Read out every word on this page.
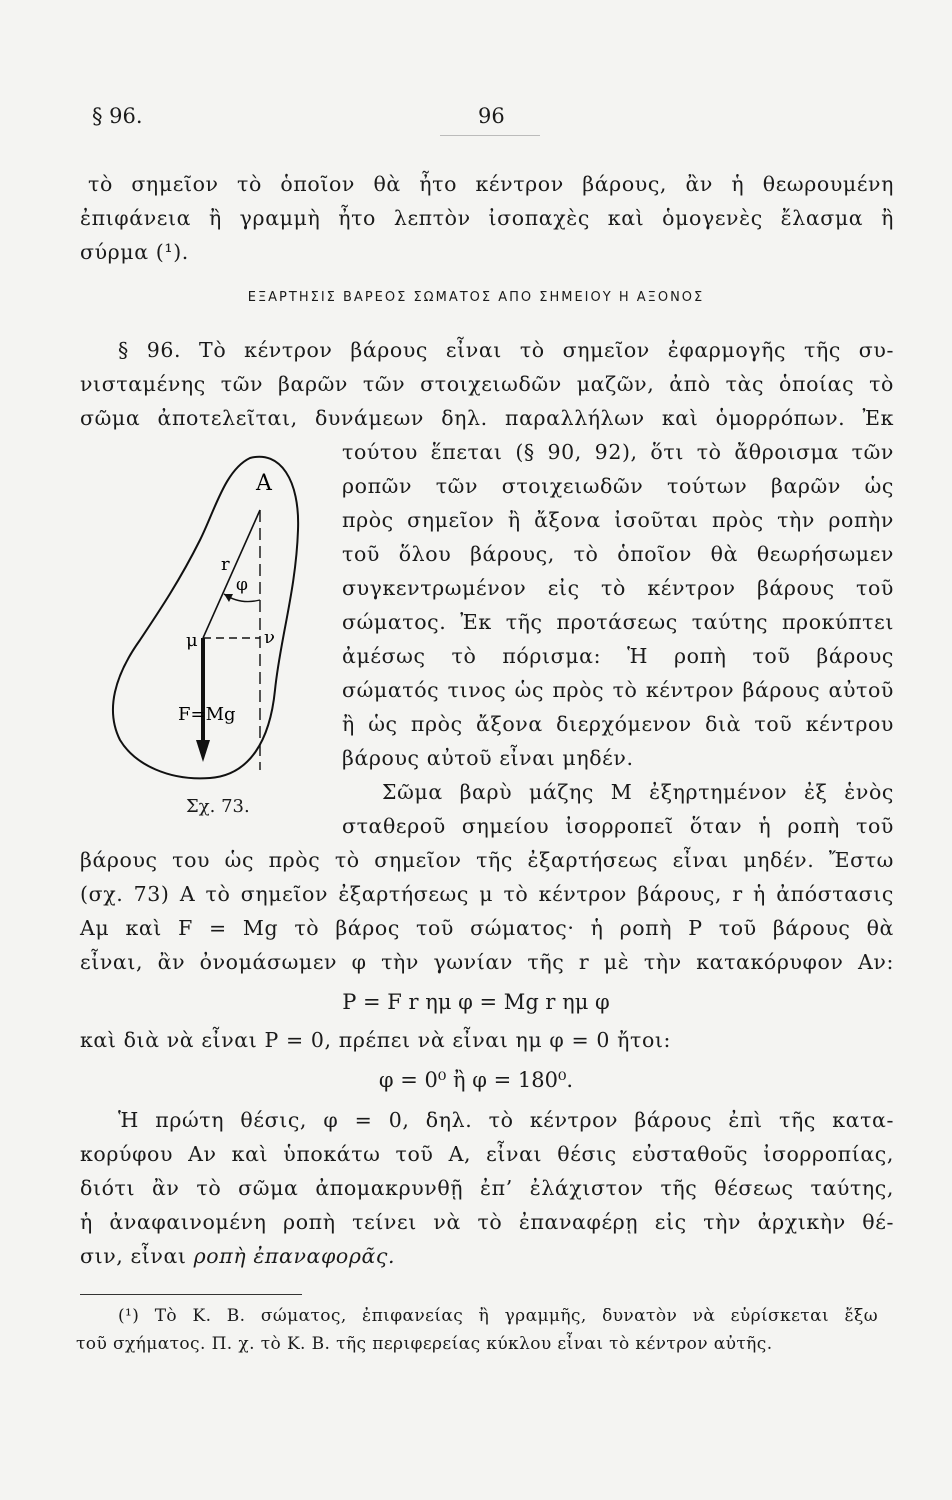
§ 96.	96
τὸ σημεῖον τὸ ὁποῖον θὰ ἦτο κέντρον βάρους, ἂν ἡ θεωρουμένη
ἐπιφάνεια ἢ γραμμὴ ἦτο λεπτὸν ἰσοπαχὲς καὶ ὁμογενὲς ἔλασμα ἢ
σύρμα (¹).
ΕΞΑΡΤΗΣΙΣ ΒΑΡΕΟΣ ΣΩΜΑΤΟΣ ΑΠΟ ΣΗΜΕΙΟΥ Η ΑΞΟΝΟΣ
§ 96. Τὸ κέντρον βάρους εἶναι τὸ σημεῖον ἐφαρμογῆς τῆς συ-
νισταμένης τῶν βαρῶν τῶν στοιχειωδῶν μαζῶν, ἀπὸ τὰς ὁποίας τὸ
σῶμα ἀποτελεῖται, δυνάμεων δηλ. παραλλήλων καὶ ὁμορρόπων. Ἐκ
τούτου ἕπεται (§ 90, 92), ὅτι τὸ ἄθροισμα τῶν
ροπῶν τῶν στοιχειωδῶν τούτων βαρῶν ὡς
πρὸς σημεῖον ἢ ἄξονα ἰσοῦται πρὸς τὴν ροπὴν
τοῦ ὅλου βάρους, τὸ ὁποῖον θὰ θεωρήσωμεν
συγκεντρωμένον εἰς τὸ κέντρον βάρους τοῦ
σώματος. Ἐκ τῆς προτάσεως ταύτης προκύπτει
ἀμέσως τὸ πόρισμα: Ἡ ροπὴ τοῦ βάρους
σώματός τινος ὡς πρὸς τὸ κέντρον βάρους αὐτοῦ
ἢ ὡς πρὸς ἄξονα διερχόμενον διὰ τοῦ κέντρου
βάρους αὐτοῦ εἶναι μηδέν.
Σῶμα βαρὺ μάζης Μ ἐξηρτημένον ἐξ ἑνὸς
σταθεροῦ σημείου ἰσορροπεῖ ὅταν ἡ ροπὴ τοῦ
βάρους του ὡς πρὸς τὸ σημεῖον τῆς ἐξαρτήσεως εἶναι μηδέν. Ἔστω
(σχ. 73) Α τὸ σημεῖον ἐξαρτήσεως μ τὸ κέντρον βάρους, r ἡ ἀπόστασις
Αμ καὶ F = Mg τὸ βάρος τοῦ σώματος· ἡ ροπὴ Ρ τοῦ βάρους θὰ
εἶναι, ἂν ὀνομάσωμεν φ τὴν γωνίαν τῆς r μὲ τὴν κατακόρυφον Αν:
Ρ = F r ημ φ = Mg r ημ φ
καὶ διὰ νὰ εἶναι Ρ = 0, πρέπει νὰ εἶναι ημ φ = 0 ἤτοι:
φ = 0⁰ ἢ φ = 180⁰.
Ἡ πρώτη θέσις, φ = 0, δηλ. τὸ κέντρον βάρους ἐπὶ τῆς κατα-
κορύφου Αν καὶ ὑποκάτω τοῦ Α, εἶναι θέσις εὐσταθοῦς ἰσορροπίας,
διότι ἂν τὸ σῶμα ἀπομακρυνθῇ ἐπ’ ἐλάχιστον τῆς θέσεως ταύτης,
ἡ ἀναφαινομένη ροπὴ τείνει νὰ τὸ ἐπαναφέρῃ εἰς τὴν ἀρχικὴν θέ-
σιν, εἶναι ροπὴ ἐπαναφορᾶς.
(¹) Τὸ Κ. Β. σώματος, ἐπιφανείας ἢ γραμμῆς, δυνατὸν νὰ εὑρίσκεται ἔξω
τοῦ σχήματος. Π. χ. τὸ Κ. Β. τῆς περιφερείας κύκλου εἶναι τὸ κέντρον αὐτῆς.
A
r
φ
μ	ν
F=Mg
Σχ. 73.
